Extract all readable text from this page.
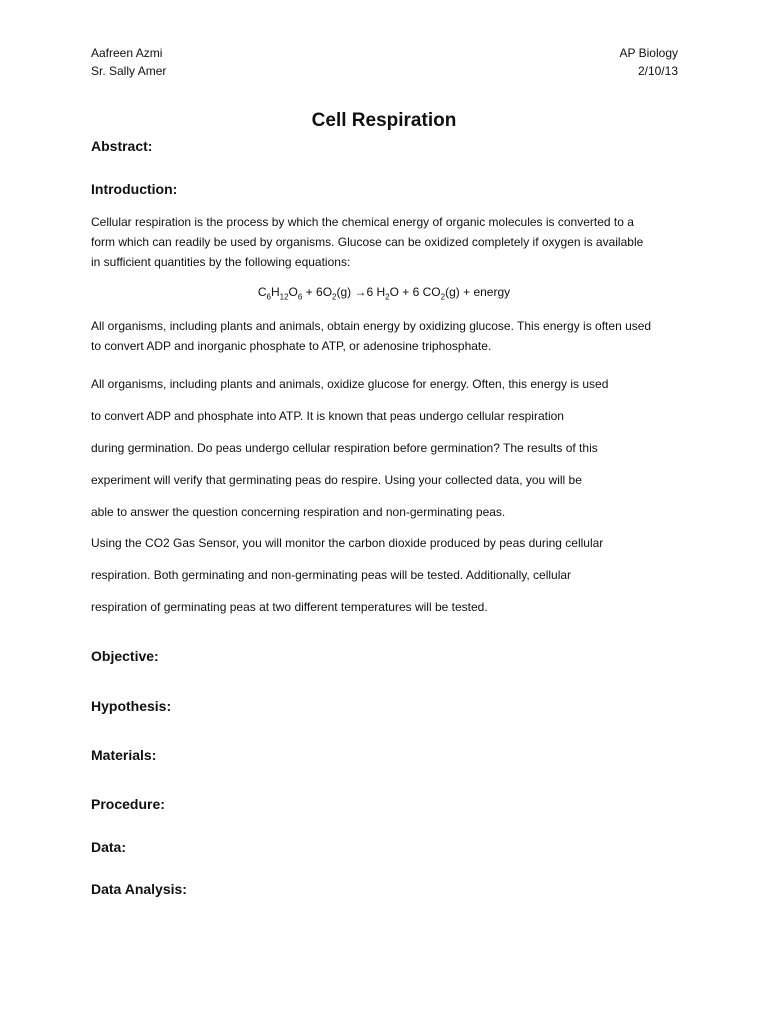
Aafreen Azmi
Sr. Sally Amer
AP Biology
2/10/13
Cell Respiration
Abstract:
Introduction:
Cellular respiration is the process by which the chemical energy of organic molecules is converted to a
form which can readily be used by organisms. Glucose can be oxidized completely if oxygen is available
in sufficient quantities by the following equations:
$C_6H_{12}O_6 + 6O_2(g) \to 6$ $H_2O + 6$ $CO_2(g)$ + energy
All organisms, including plants and animals, obtain energy by oxidizing glucose. This energy is often used
to convert ADP and inorganic phosphate to ATP, or adenosine triphosphate.
All organisms, including plants and animals, oxidize glucose for energy. Often, this energy is used
to convert ADP and phosphate into ATP. It is known that peas undergo cellular respiration
during germination. Do peas undergo cellular respiration before germination? The results of this
experiment will verify that germinating peas do respire. Using your collected data, you will be
able to answer the question concerning respiration and non-germinating peas.
Using the CO2 Gas Sensor, you will monitor the carbon dioxide produced by peas during cellular
respiration. Both germinating and non-germinating peas will be tested. Additionally, cellular
respiration of germinating peas at two different temperatures will be tested.
Objective:
Hypothesis:
Materials:
Procedure:
Data:
Data Analysis:
